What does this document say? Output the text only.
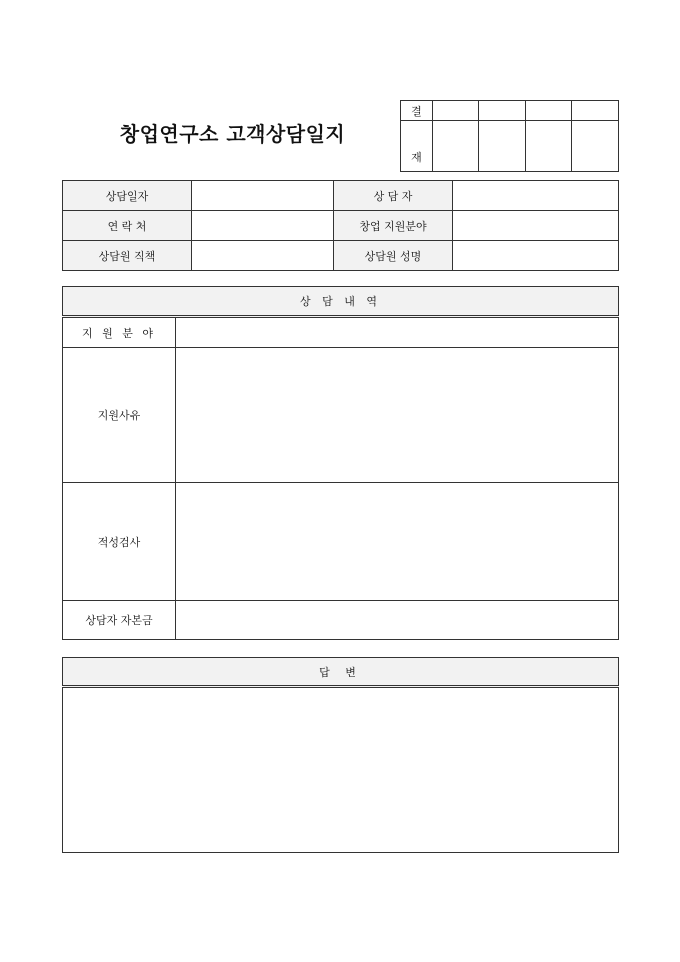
창업연구소 고객상담일지
결				
재				
상담일자		상 담 자	
연 락 처		창업 지원분야	
상담원 직책		상담원 성명	
상 담 내 역	
지 원 분 야	
지원사유	
적성검사	
상담자 자본금	
답 변
